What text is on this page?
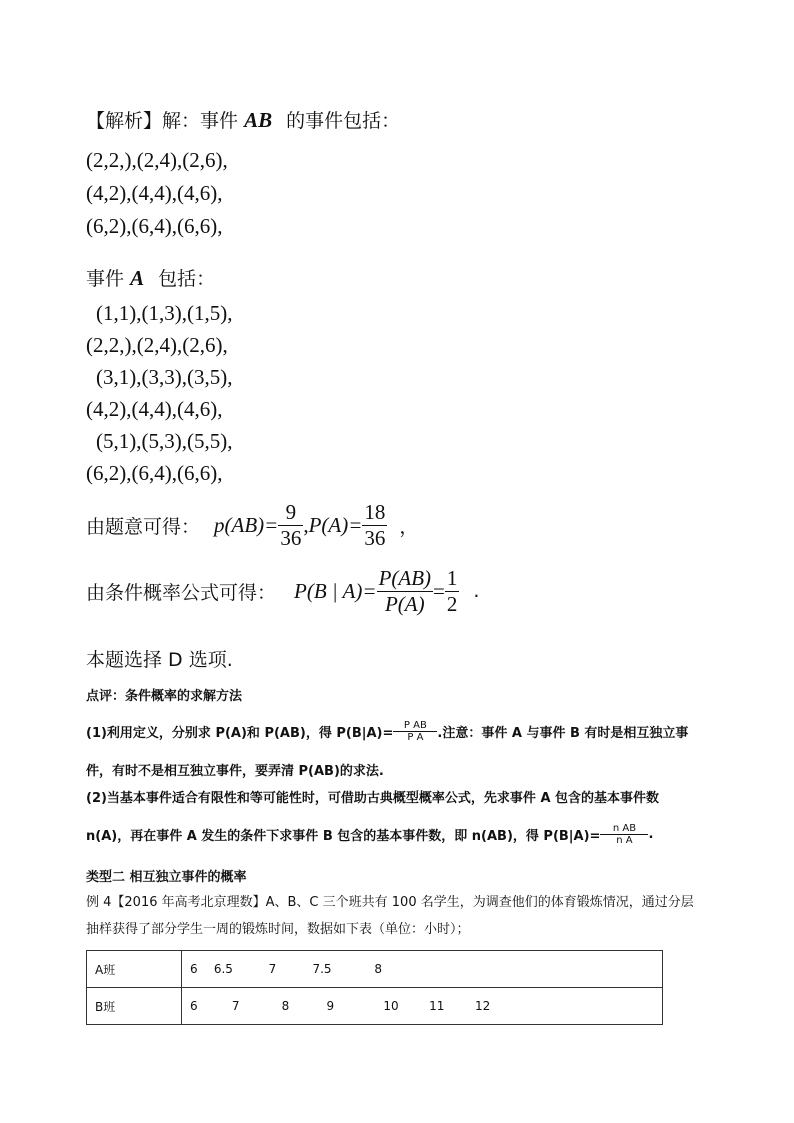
【解析】解：事件 AB 的事件包括：
(2,2,),(2,4),(2,6),
(4,2),(4,4),(4,6),
(6,2),(6,4),(6,6),
事件 A 包括：
(1,1),(1,3),(1,5),
(2,2,),(2,4),(2,6),
(3,1),(3,3),(3,5),
(4,2),(4,4),(4,6),
(5,1),(5,3),(5,5),
(6,2),(6,4),(6,6),
由题意可得： $p(AB)= \frac{9}{36}$ , $P(A)= \frac{18}{36}$ ，
由条件概率公式可得： P(B | $A)= \frac{P(AB)}{P(A)} = \frac{1}{2}$ .
本题选择 D 选项.
点评：条件概率的求解方法
(1)利用定义，分别求 P(A)和 P(AB)，得 $P(B|A)= \frac{\text{P AB}}{\text{P A}}$ .注意：事件 A 与事件 B 有时是相互独立事
件，有时不是相互独立事件，要弄清 P(AB)的求法.
(2)当基本事件适合有限性和等可能性时，可借助古典概型概率公式，先求事件 A 包含的基本事件数
n(A)，再在事件 A 发生的条件下求事件 B 包含的基本事件数，即 n(AB)，得 $P(B|A)= \frac{\text{n AB}}{\text{n A}}$ .
类型二 相互独立事件的概率
例 4【2016 年高考北京理数】A、B、C 三个班共有 100 名学生，为调查他们的体育锻炼情况，通过分层
抽样获得了部分学生一周的锻炼时间，数据如下表（单位：小时）；
A班	6 6.5 7 7.5 8
B班	6 7 8 9 10 11 12
